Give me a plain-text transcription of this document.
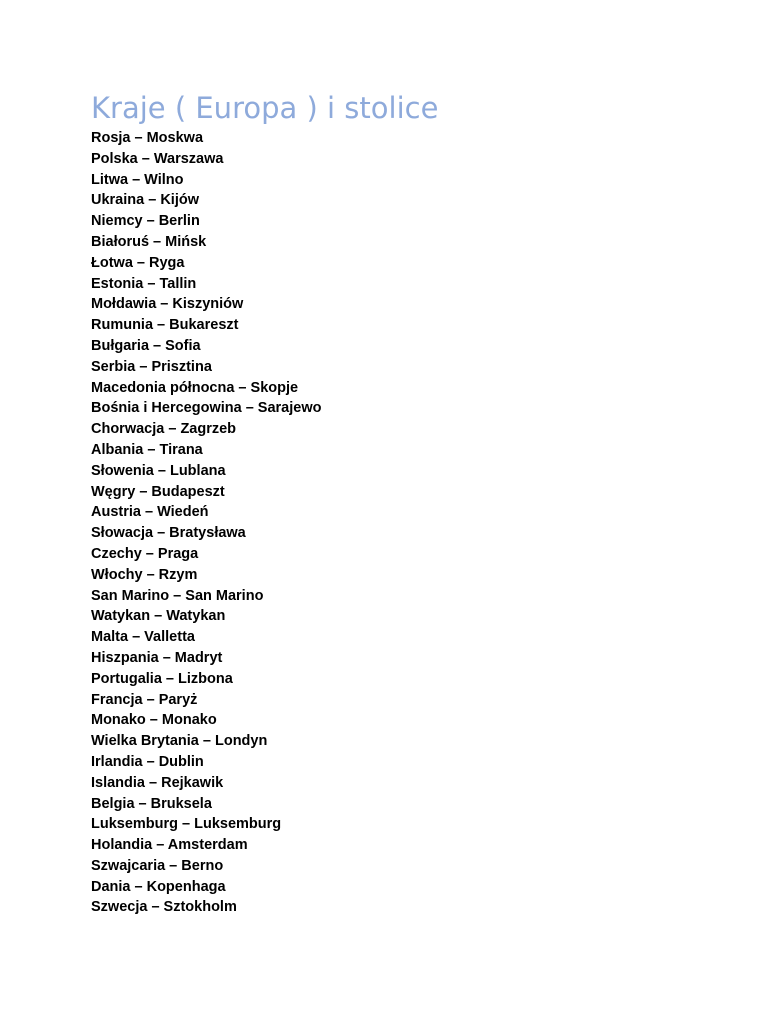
Kraje ( Europa ) i stolice
Rosja – Moskwa
Polska – Warszawa
Litwa – Wilno
Ukraina – Kijów
Niemcy – Berlin
Białoruś – Mińsk
Łotwa – Ryga
Estonia – Tallin
Mołdawia – Kiszyniów
Rumunia – Bukareszt
Bułgaria – Sofia
Serbia – Prisztina
Macedonia północna – Skopje
Bośnia i Hercegowina – Sarajewo
Chorwacja – Zagrzeb
Albania – Tirana
Słowenia – Lublana
Węgry – Budapeszt
Austria – Wiedeń
Słowacja – Bratysława
Czechy – Praga
Włochy – Rzym
San Marino – San Marino
Watykan – Watykan
Malta – Valletta
Hiszpania – Madryt
Portugalia – Lizbona
Francja – Paryż
Monako – Monako
Wielka Brytania – Londyn
Irlandia – Dublin
Islandia – Rejkawik
Belgia – Bruksela
Luksemburg – Luksemburg
Holandia – Amsterdam
Szwajcaria – Berno
Dania – Kopenhaga
Szwecja – Sztokholm
